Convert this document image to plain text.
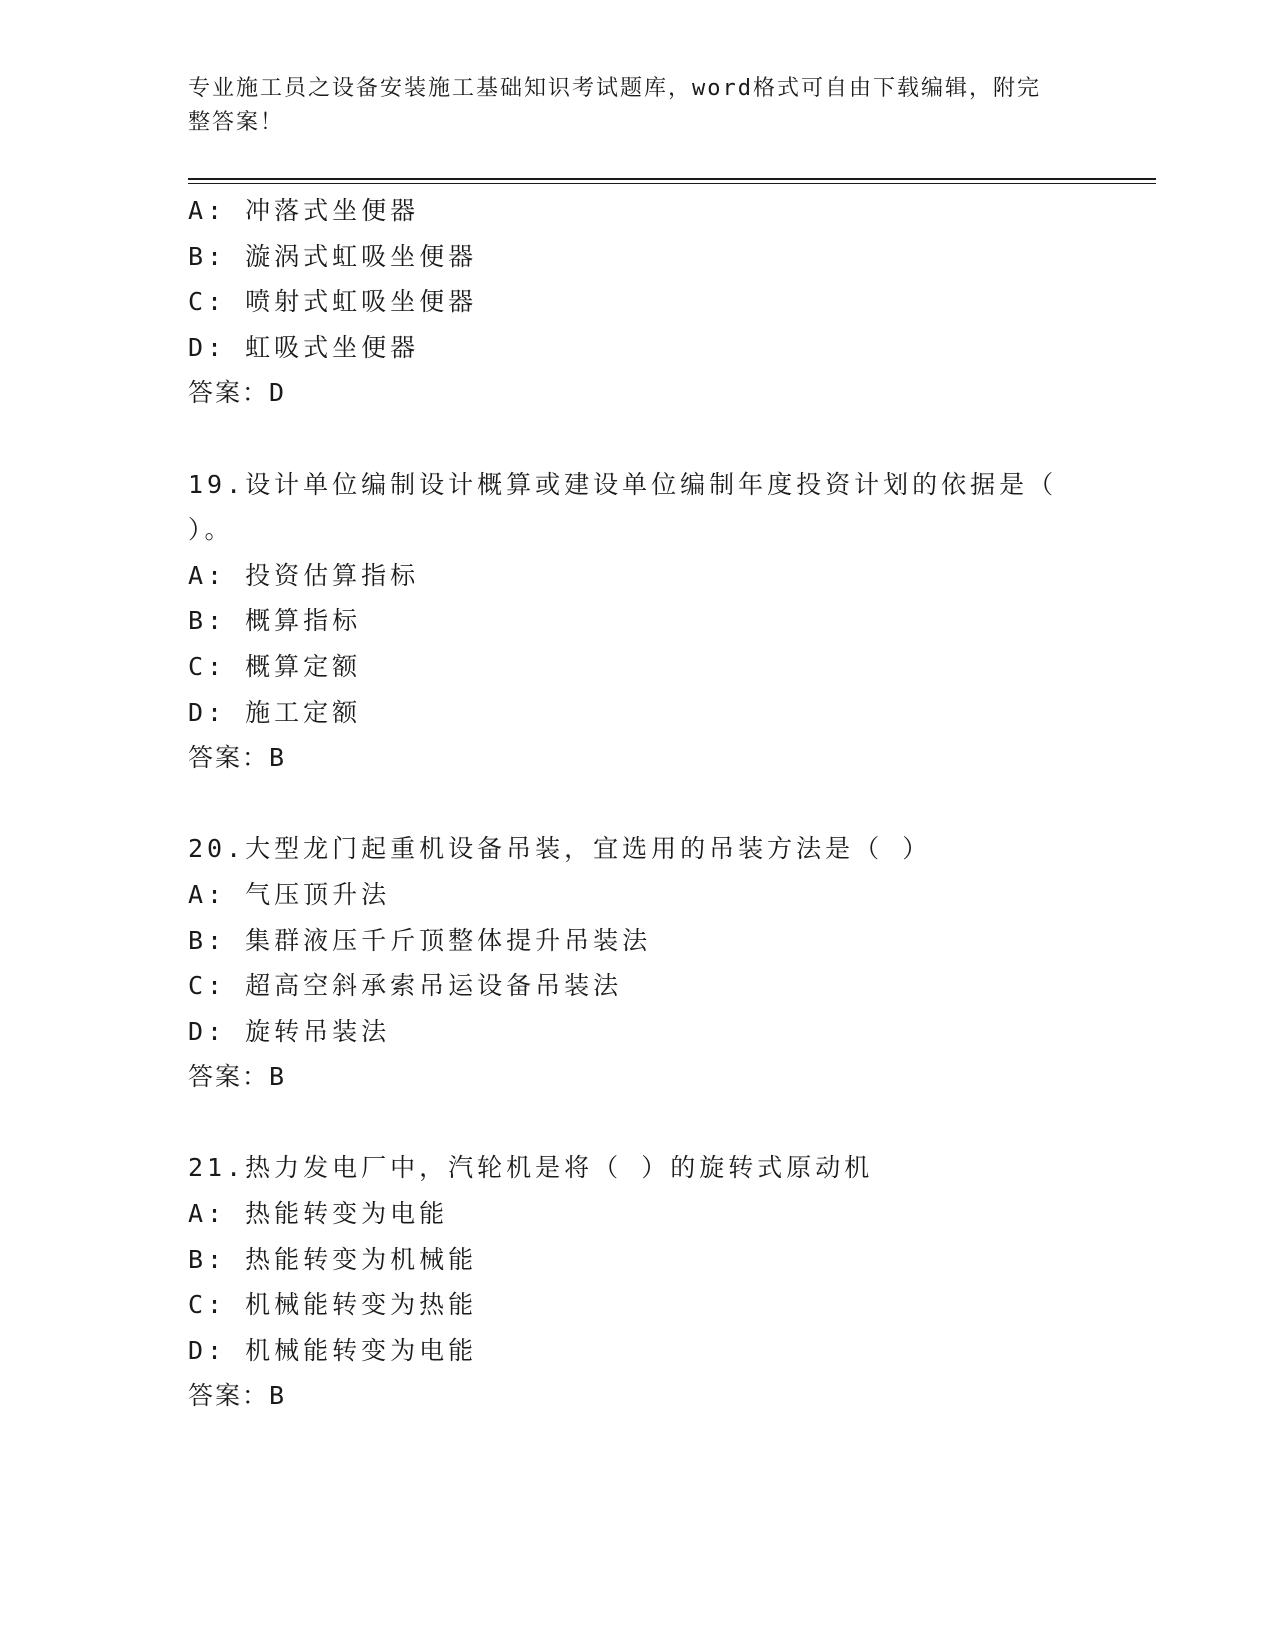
专业施工员之设备安装施工基础知识考试题库，word格式可自由下载编辑，附完
整答案！
A: 冲落式坐便器
B: 漩涡式虹吸坐便器
C: 喷射式虹吸坐便器
D: 虹吸式坐便器
答案：D
19.设计单位编制设计概算或建设单位编制年度投资计划的依据是（
）。
A: 投资估算指标
B: 概算指标
C: 概算定额
D: 施工定额
答案：B
20.大型龙门起重机设备吊装，宜选用的吊装方法是（ ）
A: 气压顶升法
B: 集群液压千斤顶整体提升吊装法
C: 超高空斜承索吊运设备吊装法
D: 旋转吊装法
答案：B
21.热力发电厂中，汽轮机是将（ ）的旋转式原动机
A: 热能转变为电能
B: 热能转变为机械能
C: 机械能转变为热能
D: 机械能转变为电能
答案：B
